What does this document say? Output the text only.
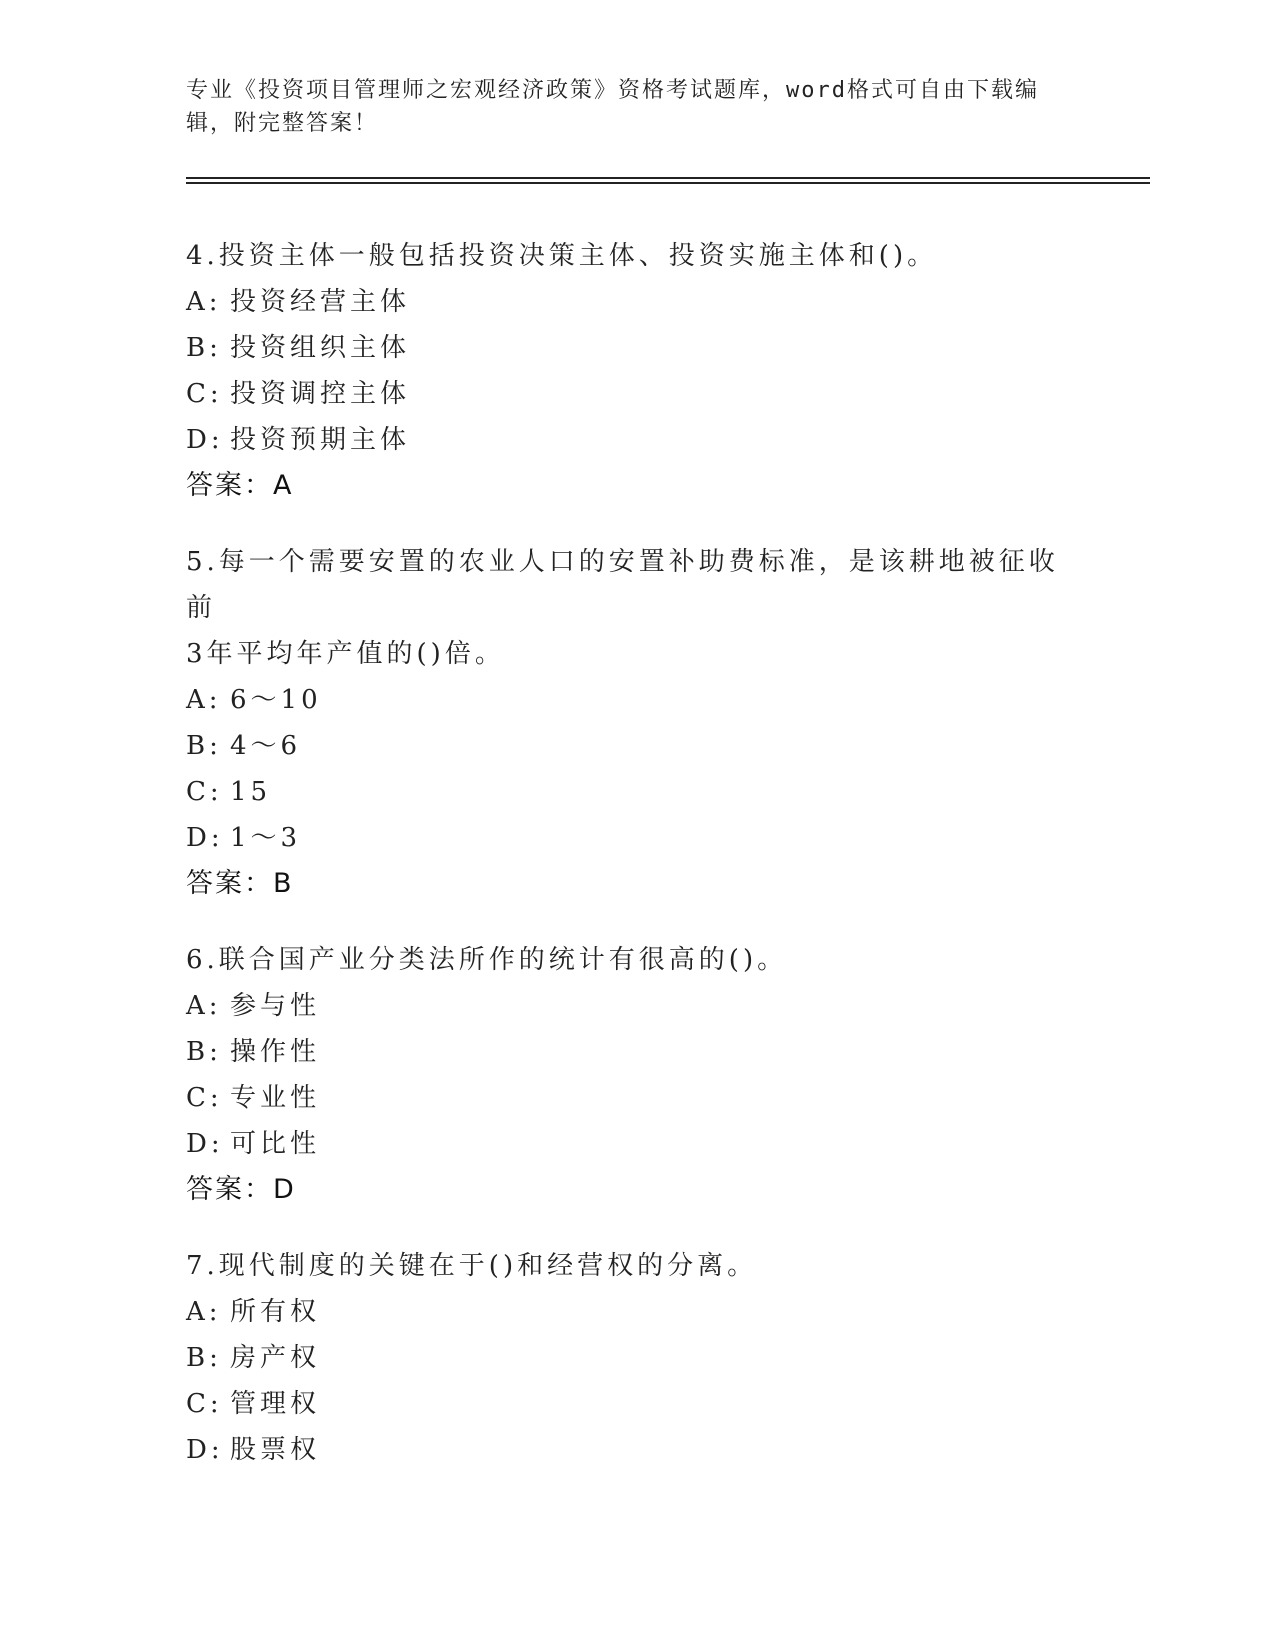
专业《投资项目管理师之宏观经济政策》资格考试题库，word格式可自由下载编
辑，附完整答案！
4.投资主体一般包括投资决策主体、投资实施主体和()。
A: 投资经营主体
B: 投资组织主体
C: 投资调控主体
D: 投资预期主体
答案：A
5.每一个需要安置的农业人口的安置补助费标准，是该耕地被征收前
3年平均年产值的()倍。
A: 6～10
B: 4～6
C: 15
D: 1～3
答案：B
6.联合国产业分类法所作的统计有很高的()。
A: 参与性
B: 操作性
C: 专业性
D: 可比性
答案：D
7.现代制度的关键在于()和经营权的分离。
A: 所有权
B: 房产权
C: 管理权
D: 股票权
